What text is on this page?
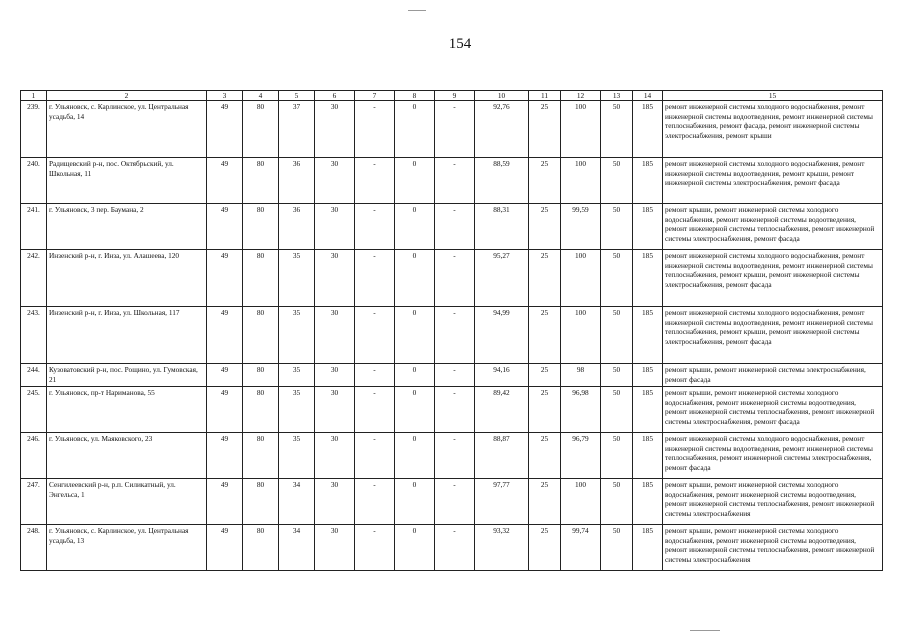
154
1	2	3	4	5	6	7	8	9	10	11	12	13	14	15
239.	г. Ульяновск, с. Карлинское, ул. Центральная усадьба, 14	49	80	37	30	-	0	-	92,76	25	100	50	185	ремонт инженерной системы холодного водоснабжения, ремонт инженерной системы водоотведения, ремонт инженерной системы теплоснабжения, ремонт фасада, ремонт инженерной системы электроснабжения, ремонт крыши
240.	Радищевский р-н, пос. Октябрьский, ул. Школьная, 11	49	80	36	30	-	0	-	88,59	25	100	50	185	ремонт инженерной системы холодного водоснабжения, ремонт инженерной системы водоотведения, ремонт крыши, ремонт инженерной системы электроснабжения, ремонт фасада
241.	г. Ульяновск, 3 пер. Баумана, 2	49	80	36	30	-	0	-	88,31	25	99,59	50	185	ремонт крыши, ремонт инженерной системы холодного водоснабжения, ремонт инженерной системы водоотведения, ремонт инженерной системы теплоснабжения, ремонт инженерной системы электроснабжения, ремонт фасада
242.	Инзенский р-н, г. Инза, ул. Алашеева, 120	49	80	35	30	-	0	-	95,27	25	100	50	185	ремонт инженерной системы холодного водоснабжения, ремонт инженерной системы водоотведения, ремонт инженерной системы теплоснабжения, ремонт крыши, ремонт инженерной системы электроснабжения, ремонт фасада
243.	Инзенский р-н, г. Инза, ул. Школьная, 117	49	80	35	30	-	0	-	94,99	25	100	50	185	ремонт инженерной системы холодного водоснабжения, ремонт инженерной системы водоотведения, ремонт инженерной системы теплоснабжения, ремонт крыши, ремонт инженерной системы электроснабжения, ремонт фасада
244.	Кузоватовский р-н, пос. Рощино, ул. Гумовская, 21	49	80	35	30	-	0	-	94,16	25	98	50	185	ремонт крыши, ремонт инженерной системы электроснабжения, ремонт фасада
245.	г. Ульяновск, пр-т Нариманова, 55	49	80	35	30	-	0	-	89,42	25	96,98	50	185	ремонт крыши, ремонт инженерной системы холодного водоснабжения, ремонт инженерной системы водоотведения, ремонт инженерной системы теплоснабжения, ремонт инженерной системы электроснабжения, ремонт фасада
246.	г. Ульяновск, ул. Маяковского, 23	49	80	35	30	-	0	-	88,87	25	96,79	50	185	ремонт инженерной системы холодного водоснабжения, ремонт инженерной системы водоотведения, ремонт инженерной системы теплоснабжения, ремонт инженерной системы электроснабжения, ремонт фасада
247.	Сенгилеевский р-н, р.п. Силикатный, ул. Энгельса, 1	49	80	34	30	-	0	-	97,77	25	100	50	185	ремонт крыши, ремонт инженерной системы холодного водоснабжения, ремонт инженерной системы водоотведения, ремонт инженерной системы теплоснабжения, ремонт инженерной системы электроснабжения
248.	г. Ульяновск, с. Карлинское, ул. Центральная усадьба, 13	49	80	34	30	-	0	-	93,32	25	99,74	50	185	ремонт крыши, ремонт инженерной системы холодного водоснабжения, ремонт инженерной системы водоотведения, ремонт инженерной системы теплоснабжения, ремонт инженерной системы электроснабжения
